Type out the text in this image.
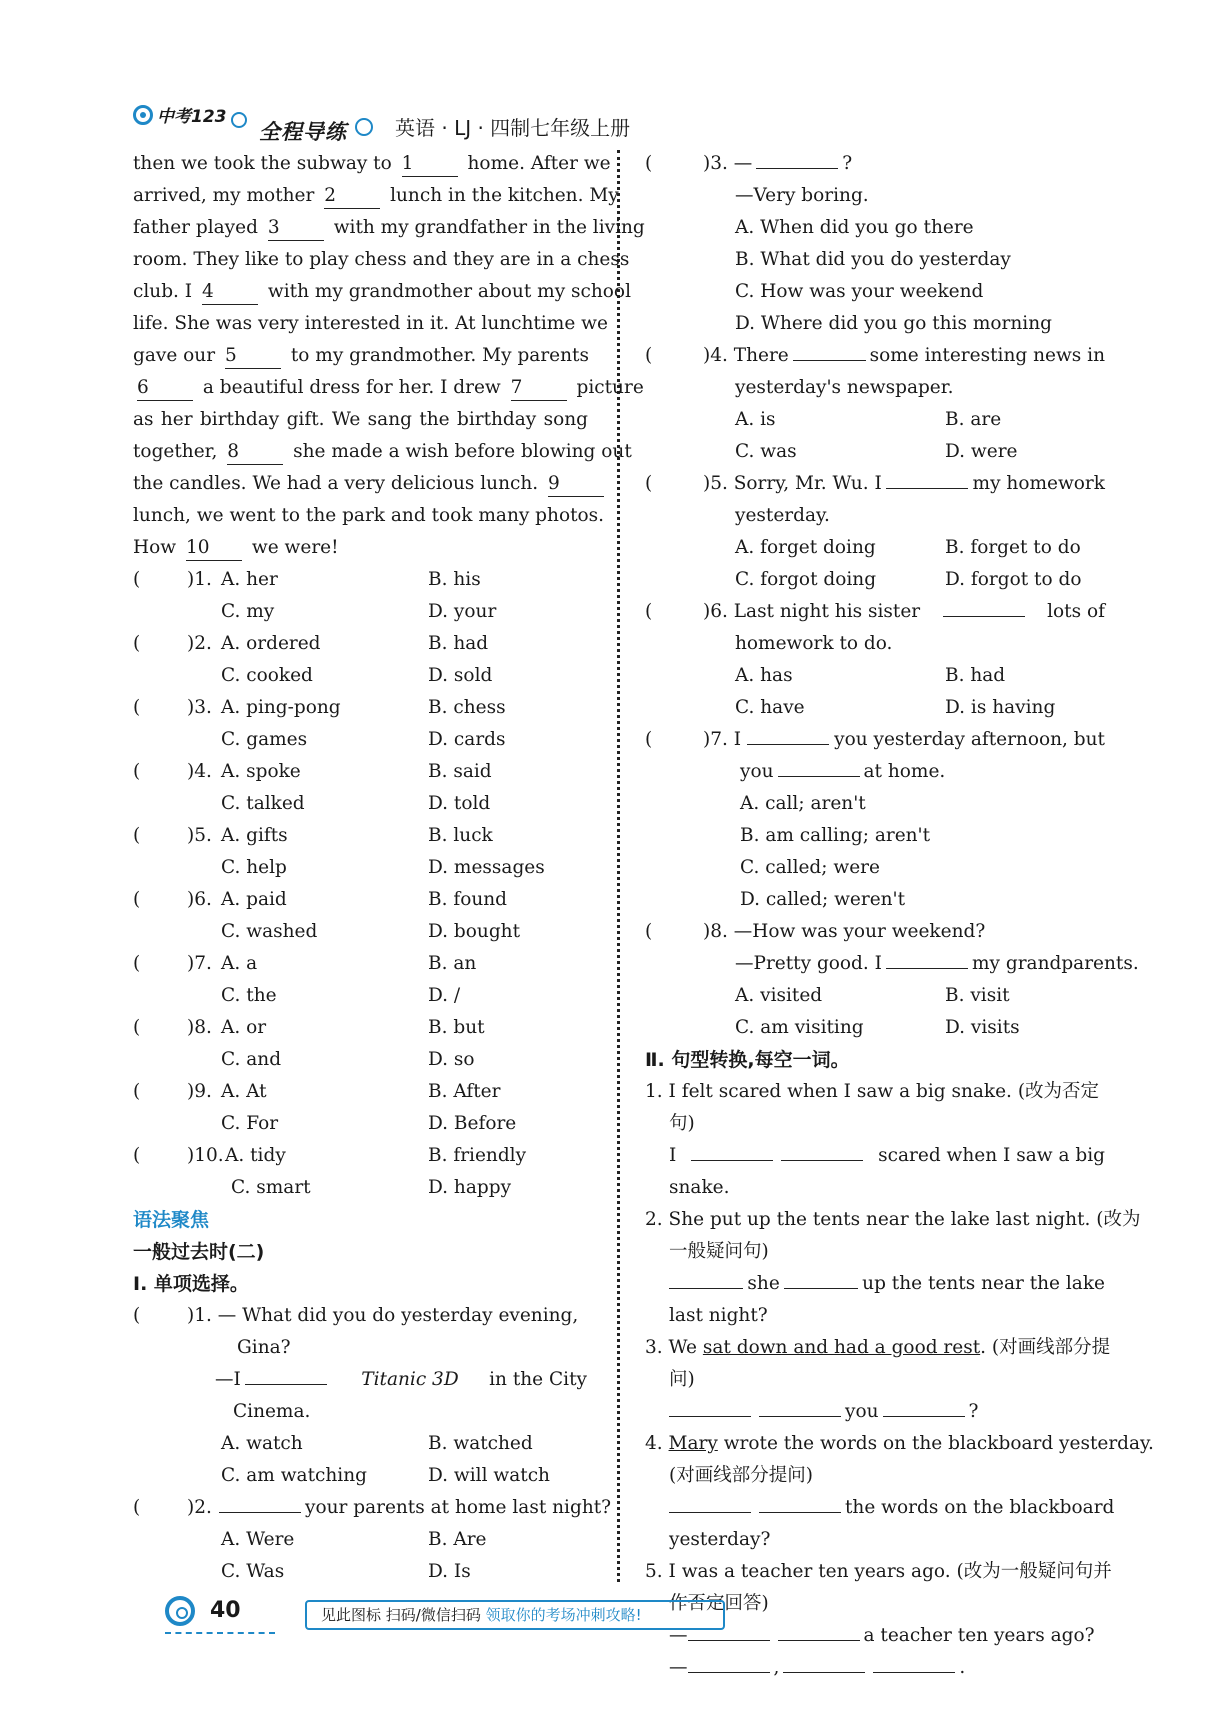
中考123
全程导练 英语 · LJ · 四制七年级上册
then we took the subway to 1	home. After we
arrived, my mother 2	lunch in the kitchen. My
father played 3	with my grandfather in the living
room. They like to play chess and they are in a chess
club. I 4	with my grandmother about my school
life. She was very interested in it. At lunchtime we
gave our 5	to my grandmother. My parents
6	a beautiful dress for her. I drew 7	picture
as her birthday gift. We sang the birthday song
together, 8	she made a wish before blowing out
the candles. We had a very delicious lunch. 9
lunch, we went to the park and took many photos.
How 10 we were!
(	)1. A. her	B. his
C. my	D. your
(	)2. A. ordered	B. had
C. cooked	D. sold
(	)3. A. ping-pong	B. chess
C. games	D. cards
(	)4. A. spoke	B. said
C. talked	D. told
(	)5. A. gifts	B. luck
C. help	D. messages
(	)6. A. paid	B. found
C. washed	D. bought
(	)7. A. a	B. an
C. the	D. /
(	)8. A. or	B. but
C. and	D. so
(	)9. A. At	B. After
C. For	D. Before
(	)10. A. tidy	B. friendly
C. smart	D. happy
语法聚焦
一般过去时(二)
Ⅰ. 单项选择。
(	)1. — What did you do yesterday evening,
Gina?
—I	Titanic 3D in the City
Cinema.
A. watch	B. watched
C. am watching	D. will watch
(	)2.	your parents at home last night?
A. Were	B. Are
C. Was	D. Is
(	)3. —	?
—Very boring.
A. When did you go there
B. What did you do yesterday
C. How was your weekend
D. Where did you go this morning
(	)4. There	some interesting news in
yesterday's newspaper.
A. is	B. are
C. was	D. were
(	)5. Sorry, Mr. Wu. I	my homework
yesterday.
A. forget doing	B. forget to do
C. forgot doing	D. forgot to do
(	)6. Last night his sister	lots of
homework to do.
A. has	B. had
C. have	D. is having
(	)7. I	you yesterday afternoon, but
you	at home.
A. call; aren't
B. am calling; aren't
C. called; were
D. called; weren't
(	)8. —How was your weekend?
—Pretty good. I	my grandparents.
A. visited	B. visit
C. am visiting	D. visits
Ⅱ. 句型转换,每空一词。
1. I felt scared when I saw a big snake. (改为否定
句)
I	scared when I saw a big
snake.
2. She put up the tents near the lake last night. (改为
一般疑问句)
she	up the tents near the lake
last night?
3. We sat down and had a good rest. (对画线部分提
问)
you	?
4. Mary wrote the words on the blackboard yesterday.
(对画线部分提问)
the words on the blackboard
yesterday?
5. I was a teacher ten years ago. (改为一般疑问句并
作否定回答)
—	a teacher ten years ago?
—	,	.
40	见此图标 扫码/微信扫码 领取你的考场冲刺攻略!
